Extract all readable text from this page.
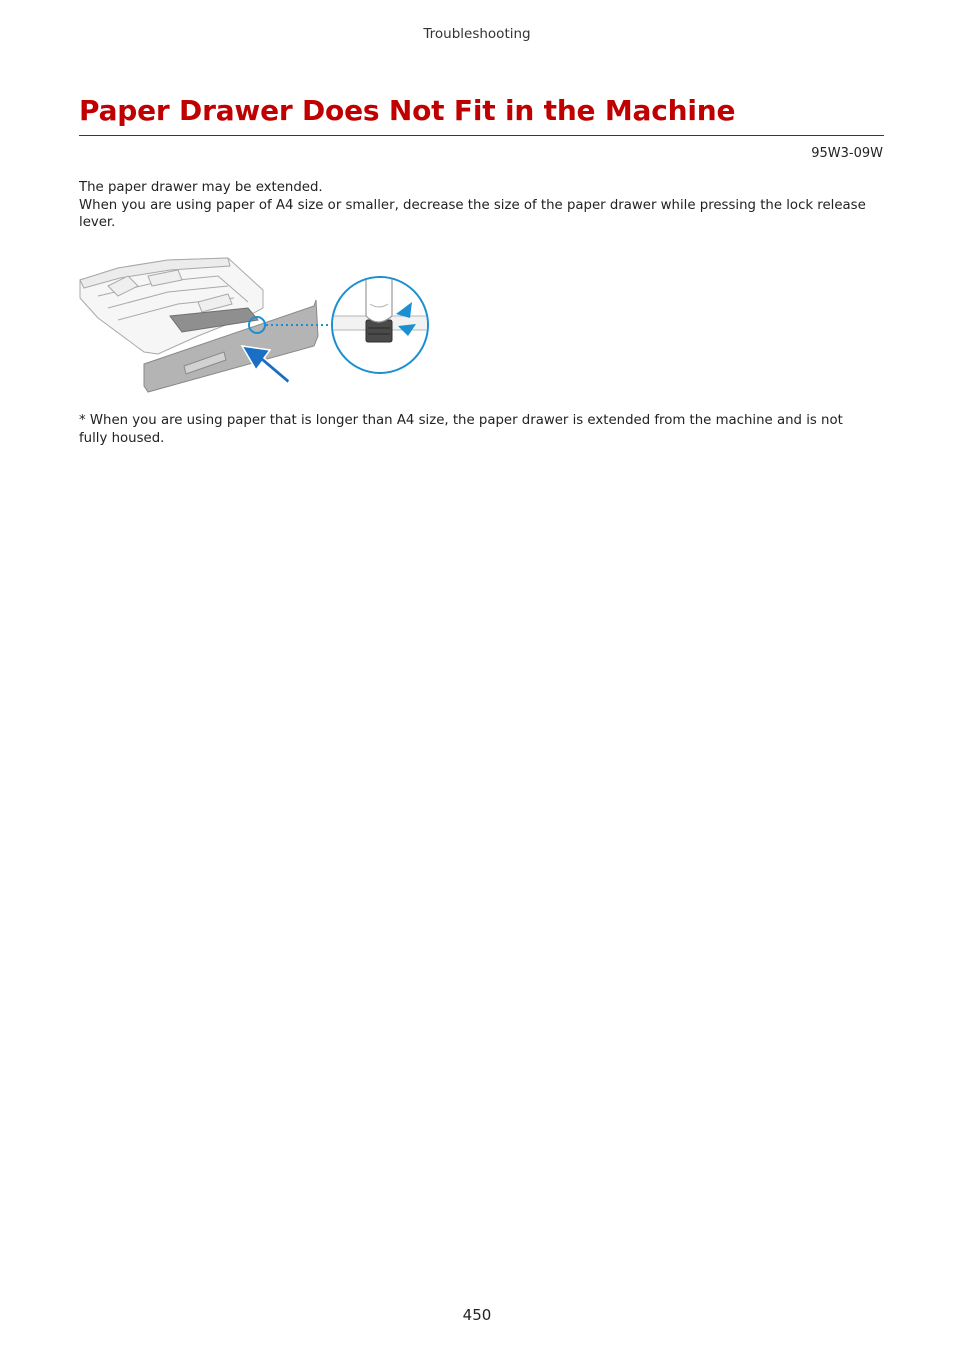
Troubleshooting
Paper Drawer Does Not Fit in the Machine
95W3-09W

The paper drawer may be extended.

When you are using paper of A4 size or smaller, decrease the size of the paper drawer while pressing the lock release lever.

* When you are using paper that is longer than A4 size, the paper drawer is extended from the machine and is not fully housed.

450
